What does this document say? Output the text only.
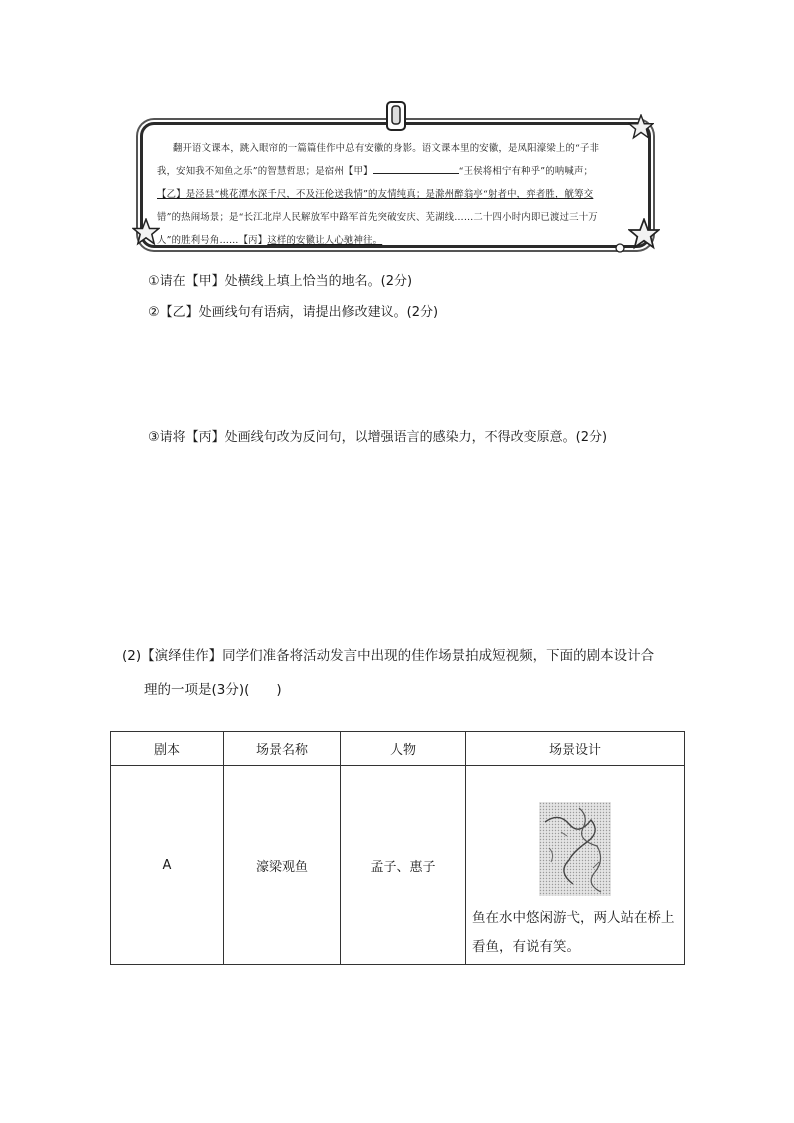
翻开语文课本，跳入眼帘的一篇篇佳作中总有安徽的身影。语文课本里的安徽，是凤阳濠梁上的“子非
我，安知我不知鱼之乐”的智慧哲思；是宿州【甲】	“王侯将相宁有种乎”的呐喊声；
【乙】是泾县“桃花潭水深千尺，不及汪伦送我情”的友情纯真；是滁州醉翁亭“射者中，弈者胜，觥筹交
错”的热闹场景；是“长江北岸人民解放军中路军首先突破安庆、芜湖线……二十四小时内即已渡过三十万
人”的胜利号角……【丙】这样的安徽让人心驰神往。
①请在【甲】处横线上填上恰当的地名。(2分)
②【乙】处画线句有语病，请提出修改建议。(2分)
③请将【丙】处画线句改为反问句，以增强语言的感染力，不得改变原意。(2分)
(2)【演绎佳作】同学们准备将活动发言中出现的佳作场景拍成短视频，下面的剧本设计合
理的一项是(3分)(　　)
剧本	场景名称	人物	场景设计
A	濠梁观鱼	孟子、惠子	鱼在水中悠闲游弋，两人站在桥上看鱼，有说有笑。
